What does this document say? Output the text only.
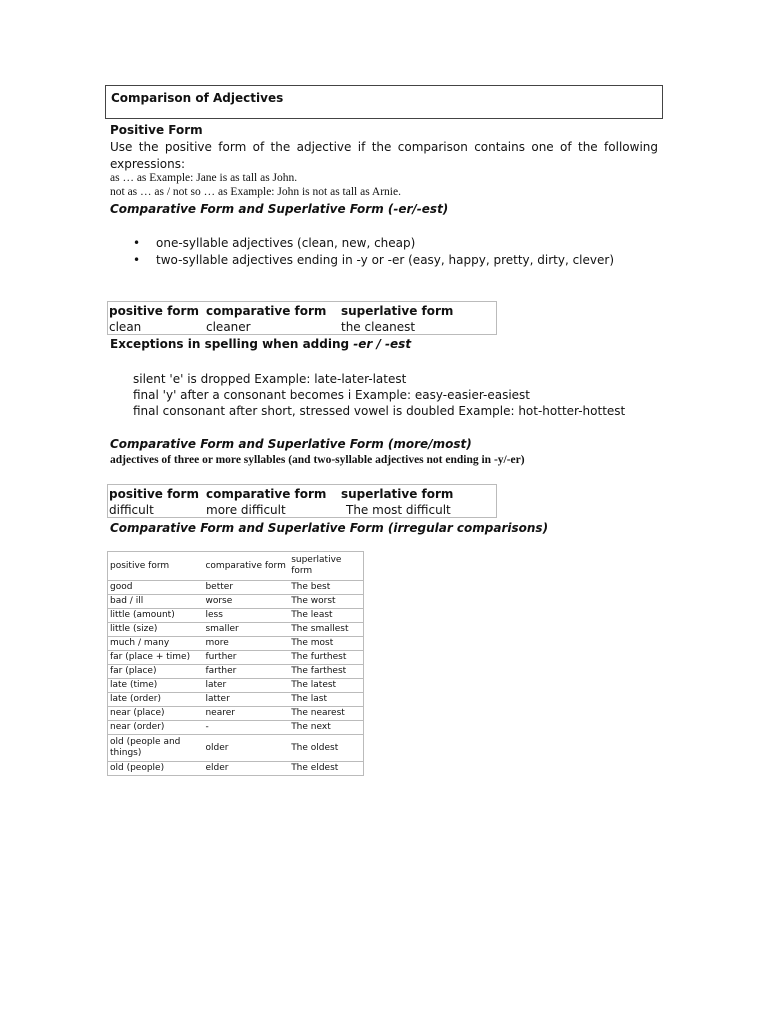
Comparison of Adjectives
Positive Form
Use the positive form of the adjective if the comparison contains one of the following
expressions:
as … as Example: Jane is as tall as John.
not as … as / not so … as Example: John is not as tall as Arnie.
Comparative Form and Superlative Form (-er/-est)
• one-syllable adjectives (clean, new, cheap)
• two-syllable adjectives ending in -y or -er (easy, happy, pretty, dirty, clever)
positive form comparative form superlative form
clean	cleaner	the cleanest
Exceptions in spelling when adding -er / -est
silent 'e' is dropped Example: late-later-latest
final 'y' after a consonant becomes i Example: easy-easier-easiest
final consonant after short, stressed vowel is doubled Example: hot-hotter-hottest
Comparative Form and Superlative Form (more/most)
adjectives of three or more syllables (and two-syllable adjectives not ending in -y/-er)
positive form comparative form superlative form
difficult	more difficult	The most difficult
Comparative Form and Superlative Form (irregular comparisons)
positive form	comparative form	superlative form
good	better	The best
bad / ill	worse	The worst
little (amount)	less	The least
little (size)	smaller	The smallest
much / many	more	The most
far (place + time)	further	The furthest
far (place)	farther	The farthest
late (time)	later	The latest
late (order)	latter	The last
near (place)	nearer	The nearest
near (order)	-	The next
old (people and things)	older	The oldest
old (people)	elder	The eldest
